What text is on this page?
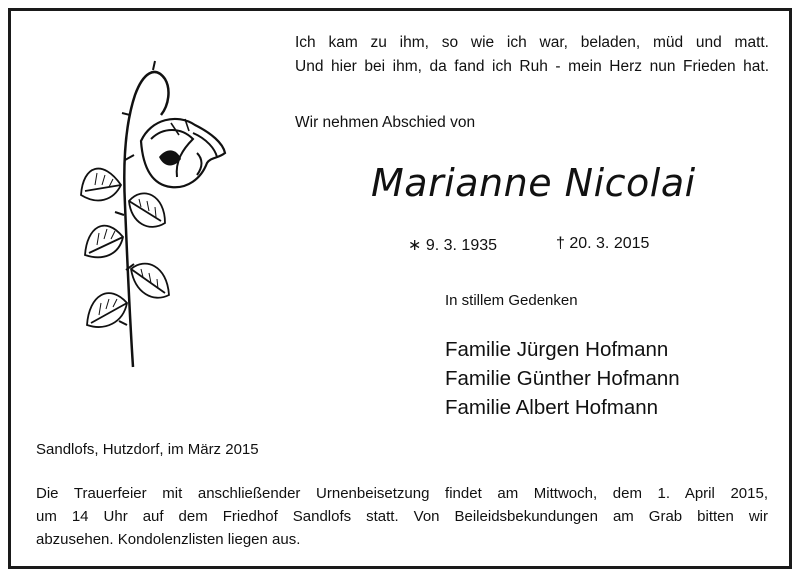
Ich kam zu ihm, so wie ich war, beladen, müd und matt.
Und hier bei ihm, da fand ich Ruh - mein Herz nun Frieden hat.
Wir nehmen Abschied von
Marianne Nicolai
∗ 9. 3. 1935	† 20. 3. 2015
In stillem Gedenken
Familie Jürgen Hofmann
Familie Günther Hofmann
Familie Albert Hofmann
Sandlofs, Hutzdorf, im März 2015
Die Trauerfeier mit anschließender Urnenbeisetzung findet am Mittwoch, dem 1. April 2015,
um 14 Uhr auf dem Friedhof Sandlofs statt. Von Beileidsbekundungen am Grab bitten wir
abzusehen. Kondolenzlisten liegen aus.
